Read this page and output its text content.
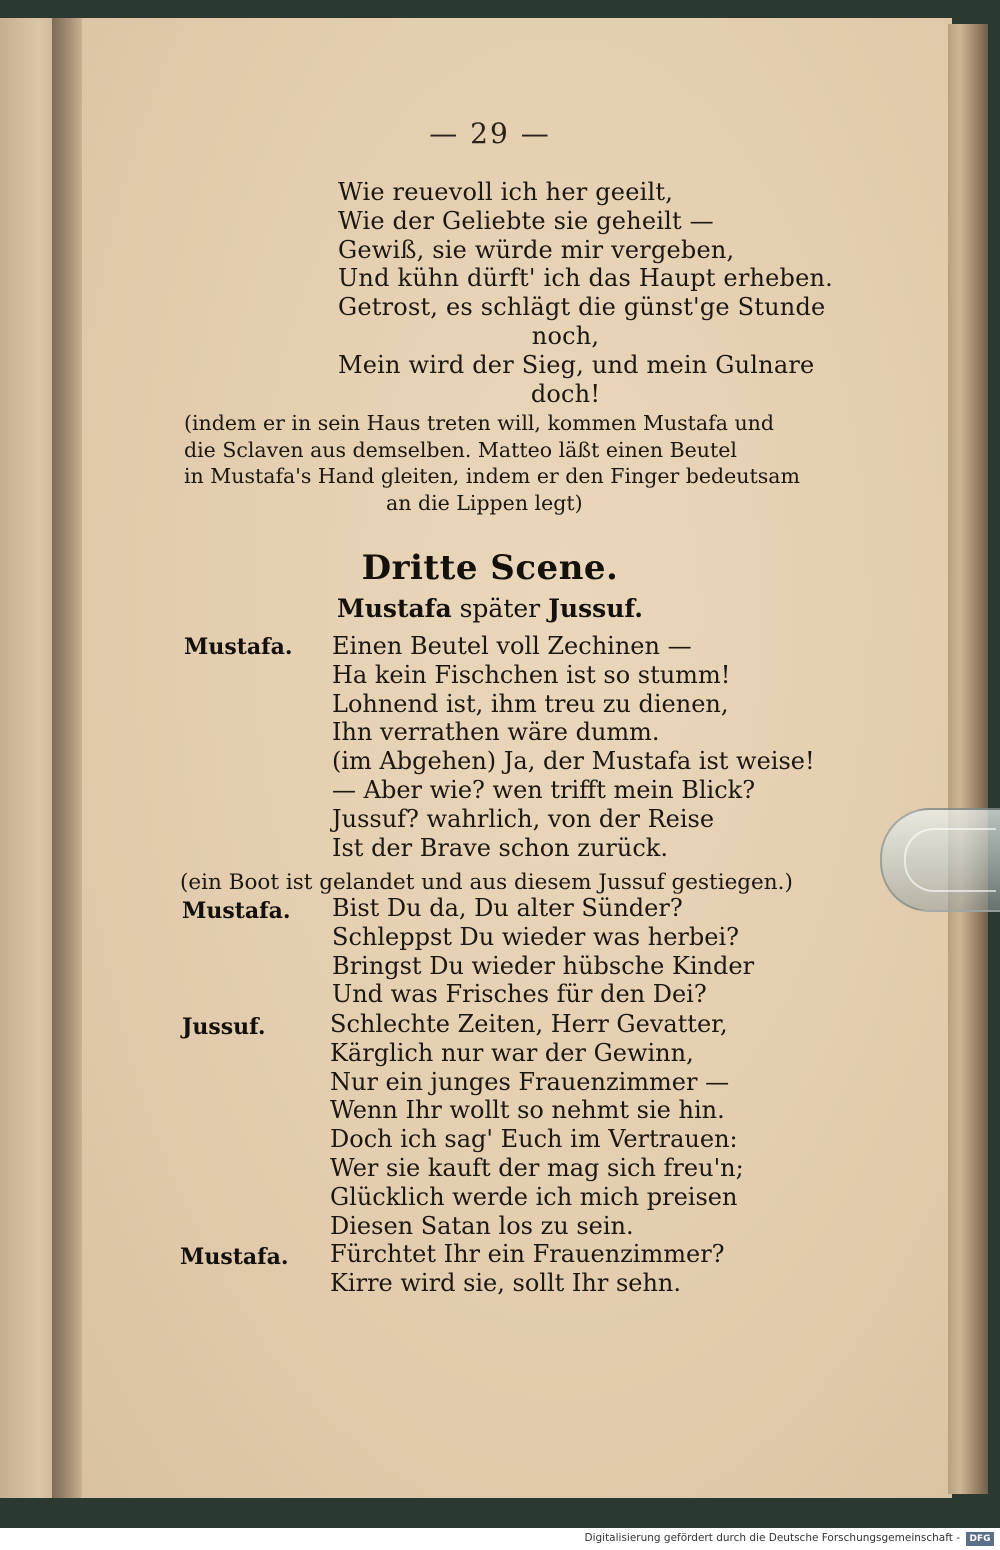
— 29 —
Wie reuevoll ich her geeilt,
Wie der Geliebte sie geheilt —
Gewiß, sie würde mir vergeben,
Und kühn dürft' ich das Haupt erheben.
Getrost, es schlägt die günst'ge Stunde
noch,
Mein wird der Sieg, und mein Gulnare
doch!
(indem er in sein Haus treten will, kommen Mustafa und
die Sclaven aus demselben. Matteo läßt einen Beutel
in Mustafa's Hand gleiten, indem er den Finger bedeutsam
an die Lippen legt)
Dritte Scene.
Mustafa später Jussuf.
Mustafa. Einen Beutel voll Zechinen —
Ha kein Fischchen ist so stumm!
Lohnend ist, ihm treu zu dienen,
Ihn verrathen wäre dumm.
(im Abgehen) Ja, der Mustafa ist weise!
— Aber wie? wen trifft mein Blick?
Jussuf? wahrlich, von der Reise
Ist der Brave schon zurück.
(ein Boot ist gelandet und aus diesem Jussuf gestiegen.)
Mustafa. Bist Du da, Du alter Sünder?
Schleppst Du wieder was herbei?
Bringst Du wieder hübsche Kinder
Und was Frisches für den Dei?
Jussuf.	Schlechte Zeiten, Herr Gevatter,
Kärglich nur war der Gewinn,
Nur ein junges Frauenzimmer —
Wenn Ihr wollt so nehmt sie hin.
Doch ich sag' Euch im Vertrauen:
Wer sie kauft der mag sich freu'n;
Glücklich werde ich mich preisen
Diesen Satan los zu sein.
Mustafa. Fürchtet Ihr ein Frauenzimmer?
Kirre wird sie, sollt Ihr sehn.
Digitalisierung gefördert durch die Deutsche Forschungsgemeinschaft -	DFG
